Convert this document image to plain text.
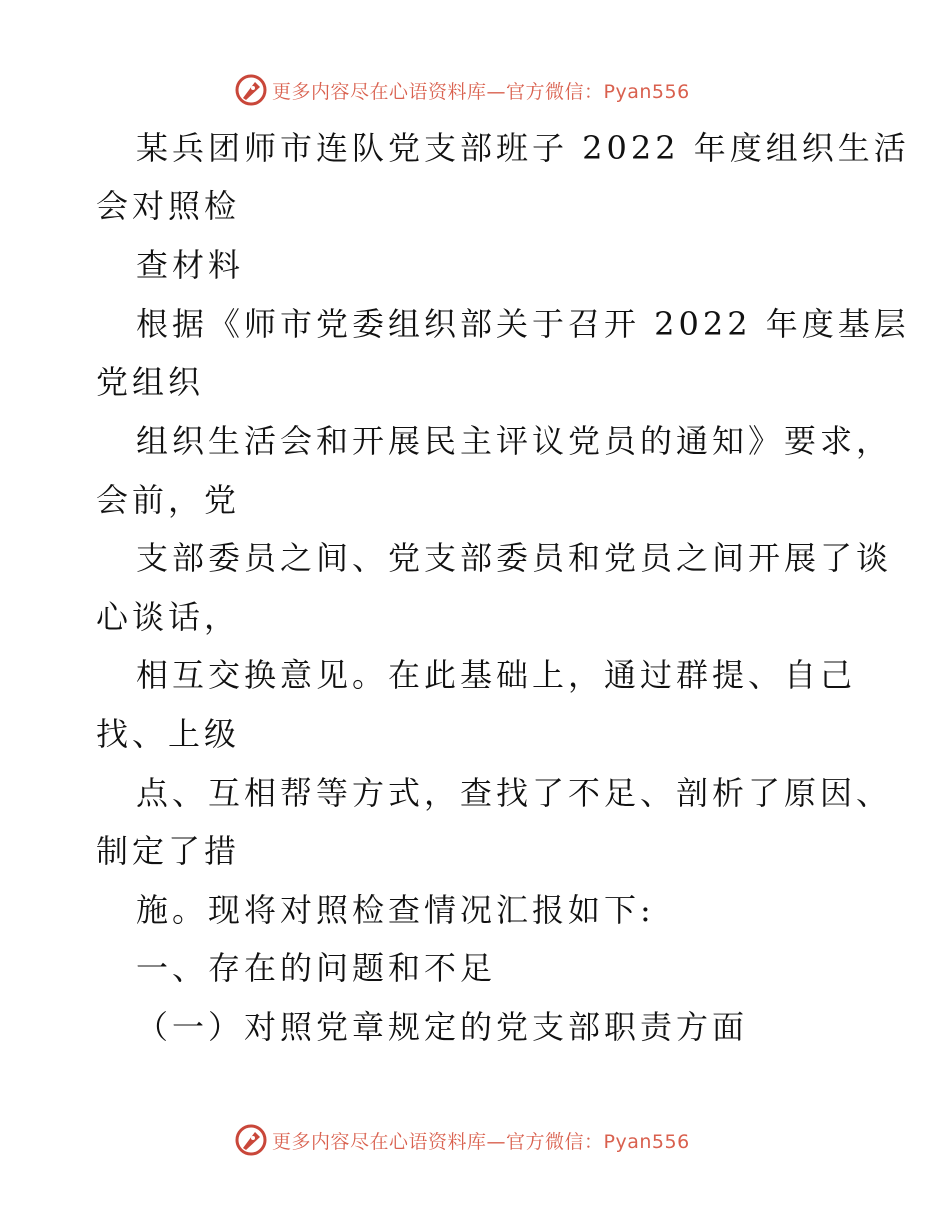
更多内容尽在心语资料库—官方微信：Pyan556
某兵团师市连队党支部班子 2022 年度组织生活
会对照检
查材料
根据《师市党委组织部关于召开 2022 年度基层
党组织
组织生活会和开展民主评议党员的通知》要求，
会前，党
支部委员之间、党支部委员和党员之间开展了谈
心谈话，
相互交换意见。在此基础上，通过群提、自己
找、上级
点、互相帮等方式，查找了不足、剖析了原因、
制定了措
施。现将对照检查情况汇报如下:
一、存在的问题和不足
（一）对照党章规定的党支部职责方面
更多内容尽在心语资料库—官方微信：Pyan556
